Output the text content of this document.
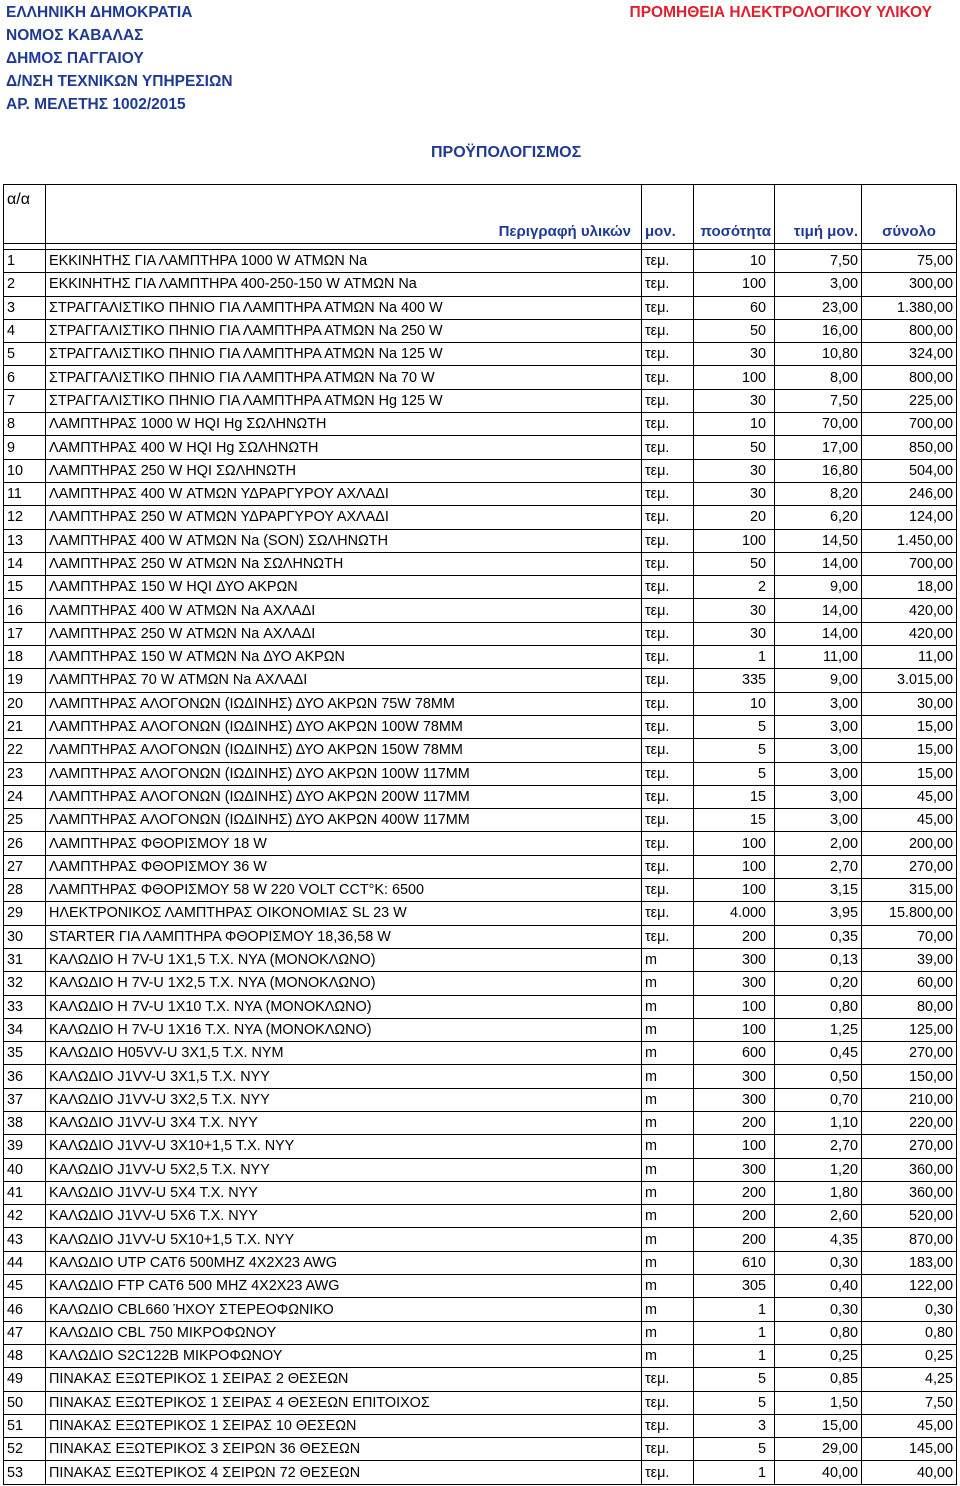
ΕΛΛΗΝΙΚΗ ΔΗΜΟΚΡΑΤΙΑ
ΝΟΜΟΣ ΚΑΒΑΛΑΣ
ΔΗΜΟΣ ΠΑΓΓΑΙΟΥ
Δ/ΝΣΗ ΤΕΧΝΙΚΩΝ ΥΠΗΡΕΣΙΩΝ
ΑΡ. ΜΕΛΕΤΗΣ 1002/2015
ΠΡΟΜΗΘΕΙΑ ΗΛΕΚΤΡΟΛΟΓΙΚΟΥ ΥΛΙΚΟΥ
ΠΡΟΫΠΟΛΟΓΙΣΜΟΣ
α/α	Περιγραφή υλικών	μον.	ποσότητα	τιμή μον.	σύνολο

1	ΕΚΚΙΝΗΤΗΣ ΓΙΑ ΛΑΜΠΤΗΡΑ 1000 W ΑΤΜΩΝ Na	τεμ.	10	7,50	75,00
2	ΕΚΚΙΝΗΤΗΣ ΓΙΑ ΛΑΜΠΤΗΡΑ 400-250-150 W ΑΤΜΩΝ Na	τεμ.	100	3,00	300,00
3	ΣΤΡΑΓΓΑΛΙΣΤΙΚΟ ΠΗΝΙΟ ΓΙΑ ΛΑΜΠΤΗΡΑ ΑΤΜΩΝ Na 400 W	τεμ.	60	23,00	1.380,00
4	ΣΤΡΑΓΓΑΛΙΣΤΙΚΟ ΠΗΝΙΟ ΓΙΑ ΛΑΜΠΤΗΡΑ ΑΤΜΩΝ Na 250 W	τεμ.	50	16,00	800,00
5	ΣΤΡΑΓΓΑΛΙΣΤΙΚΟ ΠΗΝΙΟ ΓΙΑ ΛΑΜΠΤΗΡΑ ΑΤΜΩΝ Na 125 W	τεμ.	30	10,80	324,00
6	ΣΤΡΑΓΓΑΛΙΣΤΙΚΟ ΠΗΝΙΟ ΓΙΑ ΛΑΜΠΤΗΡΑ ΑΤΜΩΝ Na 70 W	τεμ.	100	8,00	800,00
7	ΣΤΡΑΓΓΑΛΙΣΤΙΚΟ ΠΗΝΙΟ ΓΙΑ ΛΑΜΠΤΗΡΑ ΑΤΜΩΝ Hg 125 W	τεμ.	30	7,50	225,00
8	ΛΑΜΠΤΗΡΑΣ 1000 W HQI Hg ΣΩΛΗΝΩΤΗ	τεμ.	10	70,00	700,00
9	ΛΑΜΠΤΗΡΑΣ 400 W HQI Hg ΣΩΛΗΝΩΤΗ	τεμ.	50	17,00	850,00
10	ΛΑΜΠΤΗΡΑΣ 250 W HQI ΣΩΛΗΝΩΤΗ	τεμ.	30	16,80	504,00
11	ΛΑΜΠΤΗΡΑΣ 400 W ΑΤΜΩΝ ΥΔΡΑΡΓΥΡΟΥ ΑΧΛΑΔΙ	τεμ.	30	8,20	246,00
12	ΛΑΜΠΤΗΡΑΣ 250 W ΑΤΜΩΝ ΥΔΡΑΡΓΥΡΟΥ ΑΧΛΑΔΙ	τεμ.	20	6,20	124,00
13	ΛΑΜΠΤΗΡΑΣ 400 W ΑΤΜΩΝ Na (SON) ΣΩΛΗΝΩΤΗ	τεμ.	100	14,50	1.450,00
14	ΛΑΜΠΤΗΡΑΣ 250 W ΑΤΜΩΝ Na ΣΩΛΗΝΩΤΗ	τεμ.	50	14,00	700,00
15	ΛΑΜΠΤΗΡΑΣ 150 W HQI ΔΥΟ ΑΚΡΩΝ	τεμ.	2	9,00	18,00
16	ΛΑΜΠΤΗΡΑΣ 400 W ΑΤΜΩΝ Na ΑΧΛΑΔΙ	τεμ.	30	14,00	420,00
17	ΛΑΜΠΤΗΡΑΣ 250 W ΑΤΜΩΝ Na ΑΧΛΑΔΙ	τεμ.	30	14,00	420,00
18	ΛΑΜΠΤΗΡΑΣ 150 W ΑΤΜΩΝ Na ΔΥΟ ΑΚΡΩΝ	τεμ.	1	11,00	11,00
19	ΛΑΜΠΤΗΡΑΣ 70 W ΑΤΜΩΝ Na ΑΧΛΑΔΙ	τεμ.	335	9,00	3.015,00
20	ΛΑΜΠΤΗΡΑΣ ΑΛΟΓΟΝΩΝ (ΙΩΔΙΝΗΣ) ΔΥΟ ΑΚΡΩΝ 75W 78MM	τεμ.	10	3,00	30,00
21	ΛΑΜΠΤΗΡΑΣ ΑΛΟΓΟΝΩΝ (ΙΩΔΙΝΗΣ) ΔΥΟ ΑΚΡΩΝ 100W 78MM	τεμ.	5	3,00	15,00
22	ΛΑΜΠΤΗΡΑΣ ΑΛΟΓΟΝΩΝ (ΙΩΔΙΝΗΣ) ΔΥΟ ΑΚΡΩΝ 150W 78MM	τεμ.	5	3,00	15,00
23	ΛΑΜΠΤΗΡΑΣ ΑΛΟΓΟΝΩΝ (ΙΩΔΙΝΗΣ) ΔΥΟ ΑΚΡΩΝ 100W 117MM	τεμ.	5	3,00	15,00
24	ΛΑΜΠΤΗΡΑΣ ΑΛΟΓΟΝΩΝ (ΙΩΔΙΝΗΣ) ΔΥΟ ΑΚΡΩΝ 200W 117MM	τεμ.	15	3,00	45,00
25	ΛΑΜΠΤΗΡΑΣ ΑΛΟΓΟΝΩΝ (ΙΩΔΙΝΗΣ) ΔΥΟ ΑΚΡΩΝ 400W 117MM	τεμ.	15	3,00	45,00
26	ΛΑΜΠΤΗΡΑΣ ΦΘΟΡΙΣΜΟΥ 18 W	τεμ.	100	2,00	200,00
27	ΛΑΜΠΤΗΡΑΣ ΦΘΟΡΙΣΜΟΥ 36 W	τεμ.	100	2,70	270,00
28	ΛΑΜΠΤΗΡΑΣ ΦΘΟΡΙΣΜΟΥ 58 W 220 VOLT CCT°K: 6500	τεμ.	100	3,15	315,00
29	ΗΛΕΚΤΡΟΝΙΚΟΣ ΛΑΜΠΤΗΡΑΣ ΟΙΚΟΝΟΜΙΑΣ SL 23 W	τεμ.	4.000	3,95	15.800,00
30	STARTER ΓΙΑ ΛΑΜΠΤΗΡΑ ΦΘΟΡΙΣΜΟΥ 18,36,58 W	τεμ.	200	0,35	70,00
31	ΚΑΛΩΔΙΟ H 7V-U 1X1,5 T.X. NYA (ΜΟΝΟΚΛΩΝΟ)	m	300	0,13	39,00
32	ΚΑΛΩΔΙΟ H 7V-U 1X2,5 T.X. NYA (ΜΟΝΟΚΛΩΝΟ)	m	300	0,20	60,00
33	ΚΑΛΩΔΙΟ H 7V-U 1X10 T.X. NYA (ΜΟΝΟΚΛΩΝΟ)	m	100	0,80	80,00
34	ΚΑΛΩΔΙΟ H 7V-U 1X16 T.X. NYA (ΜΟΝΟΚΛΩΝΟ)	m	100	1,25	125,00
35	ΚΑΛΩΔΙΟ H05VV-U 3X1,5 T.X. NYM	m	600	0,45	270,00
36	ΚΑΛΩΔΙΟ J1VV-U 3X1,5 T.X. NYY	m	300	0,50	150,00
37	ΚΑΛΩΔΙΟ J1VV-U 3X2,5 T.X. NYY	m	300	0,70	210,00
38	ΚΑΛΩΔΙΟ J1VV-U 3X4 T.X. NYY	m	200	1,10	220,00
39	ΚΑΛΩΔΙΟ J1VV-U 3X10+1,5 T.X. NYY	m	100	2,70	270,00
40	ΚΑΛΩΔΙΟ J1VV-U 5X2,5 T.X. NYY	m	300	1,20	360,00
41	ΚΑΛΩΔΙΟ J1VV-U 5X4 T.X. NYY	m	200	1,80	360,00
42	ΚΑΛΩΔΙΟ J1VV-U 5X6 T.X. NYY	m	200	2,60	520,00
43	ΚΑΛΩΔΙΟ J1VV-U 5X10+1,5 T.X. NYY	m	200	4,35	870,00
44	ΚΑΛΩΔΙΟ UTP CAT6 500MHZ 4X2X23 AWG	m	610	0,30	183,00
45	ΚΑΛΩΔΙΟ FTP CAT6 500 MHZ 4X2X23 AWG	m	305	0,40	122,00
46	ΚΑΛΩΔΙΟ CBL660 ΉΧΟΥ ΣΤΕΡΕΟΦΩΝΙΚΟ	m	1	0,30	0,30
47	ΚΑΛΩΔΙΟ CBL 750 ΜΙΚΡΟΦΩΝΟΥ	m	1	0,80	0,80
48	ΚΑΛΩΔΙΟ S2C122B ΜΙΚΡΟΦΩΝΟΥ	m	1	0,25	0,25
49	ΠΙΝΑΚΑΣ ΕΞΩΤΕΡΙΚΟΣ 1 ΣΕΙΡΑΣ 2 ΘΕΣΕΩΝ	τεμ.	5	0,85	4,25
50	ΠΙΝΑΚΑΣ ΕΞΩΤΕΡΙΚΟΣ 1 ΣΕΙΡΑΣ 4 ΘΕΣΕΩΝ ΕΠΙΤΟΙΧΟΣ	τεμ.	5	1,50	7,50
51	ΠΙΝΑΚΑΣ ΕΞΩΤΕΡΙΚΟΣ 1 ΣΕΙΡΑΣ 10 ΘΕΣΕΩΝ	τεμ.	3	15,00	45,00
52	ΠΙΝΑΚΑΣ ΕΞΩΤΕΡΙΚΟΣ 3 ΣΕΙΡΩΝ 36 ΘΕΣΕΩΝ	τεμ.	5	29,00	145,00
53	ΠΙΝΑΚΑΣ ΕΞΩΤΕΡΙΚΟΣ 4 ΣΕΙΡΩΝ 72 ΘΕΣΕΩΝ	τεμ.	1	40,00	40,00
